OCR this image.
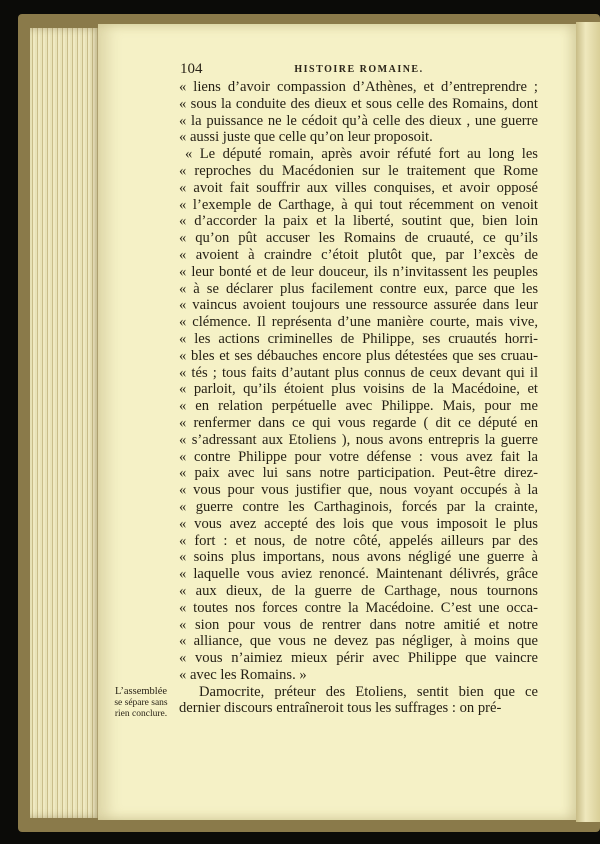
104	HISTOIRE ROMAINE.
« liens d’avoir compassion d’Athènes, et d’entreprendre ;
« sous la conduite des dieux et sous celle des Romains, dont
« la puissance ne le cédoit qu’à celle des dieux , une guerre
« aussi juste que celle qu’on leur proposoit.
« Le député romain, après avoir réfuté fort au long les
« reproches du Macédonien sur le traitement que Rome
« avoit fait souffrir aux villes conquises, et avoir opposé
« l’exemple de Carthage, à qui tout récemment on venoit
« d’accorder la paix et la liberté, soutint que, bien loin
« qu’on pût accuser les Romains de cruauté, ce qu’ils
« avoient à craindre c’étoit plutôt que, par l’excès de
« leur bonté et de leur douceur, ils n’invitassent les peuples
« à se déclarer plus facilement contre eux, parce que les
« vaincus avoient toujours une ressource assurée dans leur
« clémence. Il représenta d’une manière courte, mais vive,
« les actions criminelles de Philippe, ses cruautés horri-
« bles et ses débauches encore plus détestées que ses cruau-
« tés ; tous faits d’autant plus connus de ceux devant qui il
« parloit, qu’ils étoient plus voisins de la Macédoine, et
« en relation perpétuelle avec Philippe. Mais, pour me
« renfermer dans ce qui vous regarde ( dit ce député en
« s’adressant aux Etoliens ), nous avons entrepris la guerre
« contre Philippe pour votre défense : vous avez fait la
« paix avec lui sans notre participation. Peut-être direz-
« vous pour vous justifier que, nous voyant occupés à la
« guerre contre les Carthaginois, forcés par la crainte,
« vous avez accepté des lois que vous imposoit le plus
« fort : et nous, de notre côté, appelés ailleurs par des
« soins plus importans, nous avons négligé une guerre à
« laquelle vous aviez renoncé. Maintenant délivrés, grâce
« aux dieux, de la guerre de Carthage, nous tournons
« toutes nos forces contre la Macédoine. C’est une occa-
« sion pour vous de rentrer dans notre amitié et notre
« alliance, que vous ne devez pas négliger, à moins que
« vous n’aimiez mieux périr avec Philippe que vaincre
« avec les Romains. »
Damocrite, préteur des Etoliens, sentit bien que ce
dernier discours entraîneroit tous les suffrages : on pré-
L’assemblée
se sépare sans
rien conclure.
